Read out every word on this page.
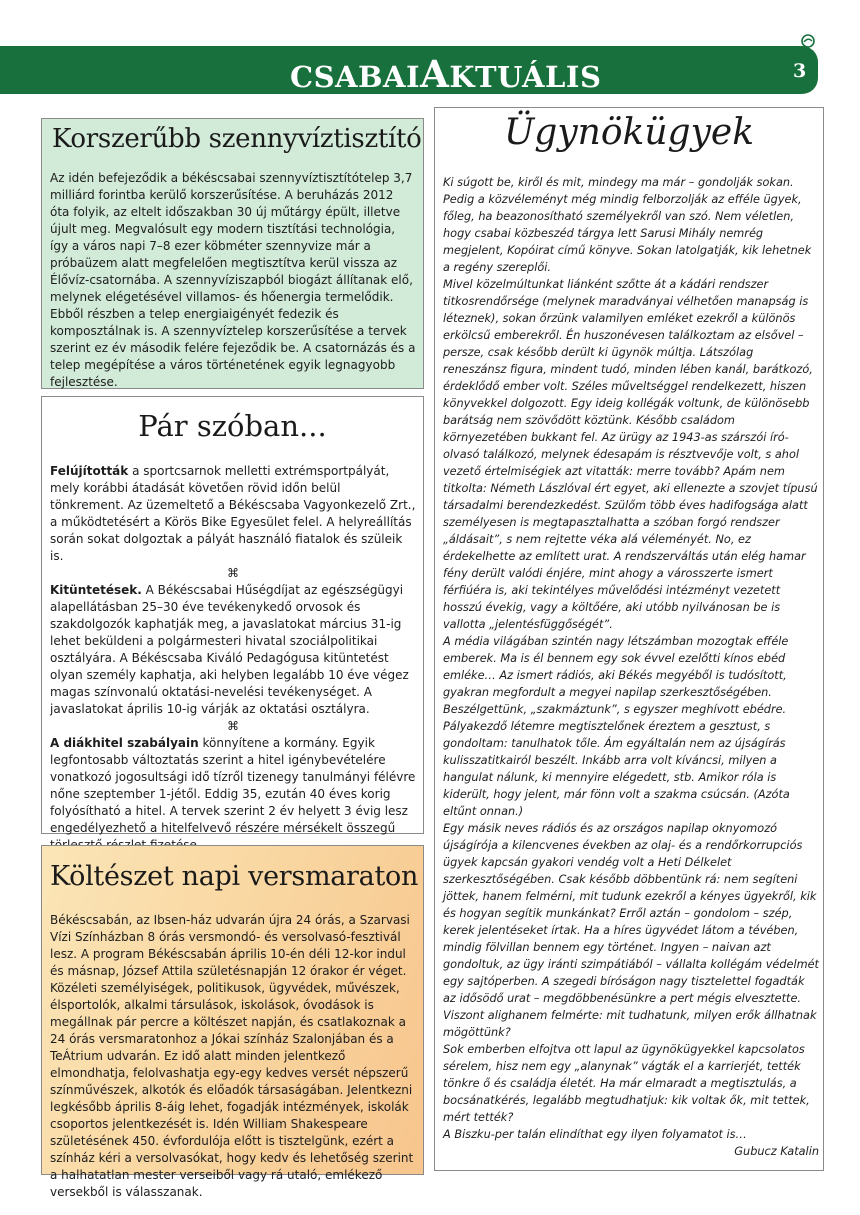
CSABAIAKTUÁLIS	3
Korszerűbb szennyvíztisztító

Az idén befejeződik a békéscsabai szennyvíztisztítótelep 3,7 milliárd forintba kerülő korszerűsítése. A beruházás 2012 óta folyik, az eltelt időszakban 30 új műtárgy épült, illetve újult meg. Megvalósult egy modern tisztítási technológia, így a város napi 7–8 ezer köbméter szennyvize már a próbaüzem alatt megfelelően megtisztítva kerül vissza az Élővíz-csatornába. A szennyvíziszapból biogázt állítanak elő, melynek elégetésével villamos- és hőenergia termelődik. Ebből részben a telep energiaigényét fedezik és komposztálnak is. A szennyvíztelep korszerűsítése a tervek szerint ez év második felére fejeződik be. A csatornázás és a telep megépítése a város történetének egyik legnagyobb fejlesztése.

Pár szóban...

Felújították a sportcsarnok melletti extrémsportpályát, mely korábbi átadását követően rövid időn belül tönkrement. Az üzemeltető a Békéscsaba Vagyonkezelő Zrt., a működtetésért a Körös Bike Egyesület felel. A helyreállítás során sokat dolgoztak a pályát használó fiatalok és szüleik is.

⌘

Kitüntetések. A Békéscsabai Hűségdíjat az egészségügyi alapellátásban 25–30 éve tevékenykedő orvosok és szakdolgozók kaphatják meg, a javaslatokat március 31-ig lehet beküldeni a polgármesteri hivatal szociálpolitikai osztályára. A Békéscsaba Kiváló Pedagógusa kitüntetést olyan személy kaphatja, aki helyben legalább 10 éve végez magas színvonalú oktatási-nevelési tevékenységet. A javaslatokat április 10-ig várják az oktatási osztályra.

⌘

A diákhitel szabályain könnyítene a kormány. Egyik legfontosabb változtatás szerint a hitel igénybevételére vonatkozó jogosultsági idő tízről tizenegy tanulmányi félévre nőne szeptember 1-jétől. Eddig 35, ezután 40 éves korig folyósítható a hitel. A tervek szerint 2 év helyett 3 évig lesz engedélyezhető a hitelfelvevő részére mérsékelt összegű

Költészet napi versmaraton

Békéscsabán, az Ibsen-ház udvarán újra 24 órás, a Szarvasi Vízi Színházban 8 órás versmondó- és versolvasó-fesztivál lesz. A program Békéscsabán április 10-én déli 12-kor indul és másnap, József Attila születésnapján 12 órakor ér véget. Közéleti személyiségek, politikusok, ügyvédek, művészek, élsportolók, alkalmi társulások, iskolások, óvodások is megállnak pár percre a költészet napján, és csatlakoznak a 24 órás versmaratonhoz a Jókai színház Szalonjában és a TeÁtrium udvarán. Ez idő alatt minden jelentkező elmondhatja, felolvashatja egy-egy kedves versét népszerű színművészek, alkotók és előadók társaságában. Jelentkezni legkésőbb április 8-áig lehet, fogadják intézmények, iskolák csoportos jelentkezését is. Idén William Shakespeare születésének 450. évfordulója előtt is tisztelgünk, ezért a színház kéri a versolvasókat, hogy kedv és lehetőség szerint a halhatatlan mester verseiből vagy rá utaló, emlékező versekből is válasszanak.

Ügynökügyek

Ki súgott be, kiről és mit, mindegy ma már – gondolják sokan. Pedig a közvéleményt még mindig felborzolják az efféle ügyek, főleg, ha beazonosítható személyekről van szó. Nem véletlen, hogy csabai közbeszéd tárgya lett Sarusi Mihály nemrég megjelent, Kopóirat című könyve. Sokan latolgatják, kik lehetnek a regény szereplői.

Mivel közelmúltunkat liánként szőtte át a kádári rendszer titkosrendőrsége (melynek maradványai vélhetően manapság is léteznek), sokan őrzünk valamilyen emléket ezekről a különös erkölcsű emberekről. Én huszonévesen találkoztam az elsővel – persze, csak később derült ki ügynök múltja. Látszólag reneszánsz figura, mindent tudó, minden lében kanál, barátkozó, érdeklődő ember volt. Széles műveltséggel rendelkezett, hiszen könyvekkel dolgozott. Egy ideig kollégák voltunk, de különösebb barátság nem szövődött köztünk. Később családom környezetében bukkant fel. Az ürügy az 1943-as szárszói író-olvasó találkozó, melynek édesapám is résztvevője volt, s ahol vezető értelmiségiek azt vitatták: merre tovább? Apám nem titkolta: Németh Lászlóval ért egyet, aki ellenezte a szovjet típusú társadalmi berendezkedést. Szülőm több éves hadifogsága alatt személyesen is megtapasztalhatta a szóban forgó rendszer „áldásait”, s nem rejtette véka alá véleményét. No, ez érdekelhette az említett urat. A rendszerváltás után elég hamar fény derült valódi énjére, mint ahogy a városszerte ismert férfiúéra is, aki tekintélyes művelődési intézményt vezetett hosszú évekig, vagy a költőére, aki utóbb nyilvánosan be is vallotta „jelentésfüggőségét”.

A média világában szintén nagy létszámban mozogtak efféle emberek. Ma is él bennem egy sok évvel ezelőtti kínos ebéd emléke… Az ismert rádiós, aki Békés megyéből is tudósított, gyakran megfordult a megyei napilap szerkesztőségében. Beszélgettünk, „szakmáztunk”, s egyszer meghívott ebédre. Pályakezdő létemre megtisztelőnek éreztem a gesztust, s gondoltam: tanulhatok tőle. Ám egyáltalán nem az újságírás kulisszatitkairól beszélt. Inkább arra volt kíváncsi, milyen a hangulat nálunk, ki mennyire elégedett, stb. Amikor róla is kiderült, hogy jelent, már fönn volt a szakma csúcsán. (Azóta eltűnt onnan.)

Egy másik neves rádiós és az országos napilap oknyomozó újságírója a kilencvenes években az olaj- és a rendőrkorrupciós ügyek kapcsán gyakori vendég volt a Heti Délkelet szerkesztőségében. Csak később döbbentünk rá: nem segíteni jöttek, hanem felmérni, mit tudunk ezekről a kényes ügyekről, kik és hogyan segítik munkánkat? Erről aztán – gondolom – szép, kerek jelentéseket írtak. Ha a híres ügyvédet látom a tévében, mindig fölvillan bennem egy történet. Ingyen – naivan azt gondoltuk, az ügy iránti szimpátiából – vállalta kollégám védelmét egy sajtóperben. A szegedi bíróságon nagy tisztelettel fogadták az idősödő urat – megdöbbenésünkre a pert mégis elvesztette. Viszont alighanem felmérte: mit tudhatunk, milyen erők állhatnak mögöttünk?

Sok emberben elfojtva ott lapul az ügynökügyekkel kapcsolatos sérelem, hisz nem egy „alanynak” vágták el a karrierjét, tették tönkre ő és családja életét. Ha már elmaradt a megtisztulás, a bocsánatkérés, legalább megtudhatjuk: kik voltak ők, mit tettek, mért tették?

A Biszku-per talán elindíthat egy ilyen folyamatot is…

Gubucz Katalin
